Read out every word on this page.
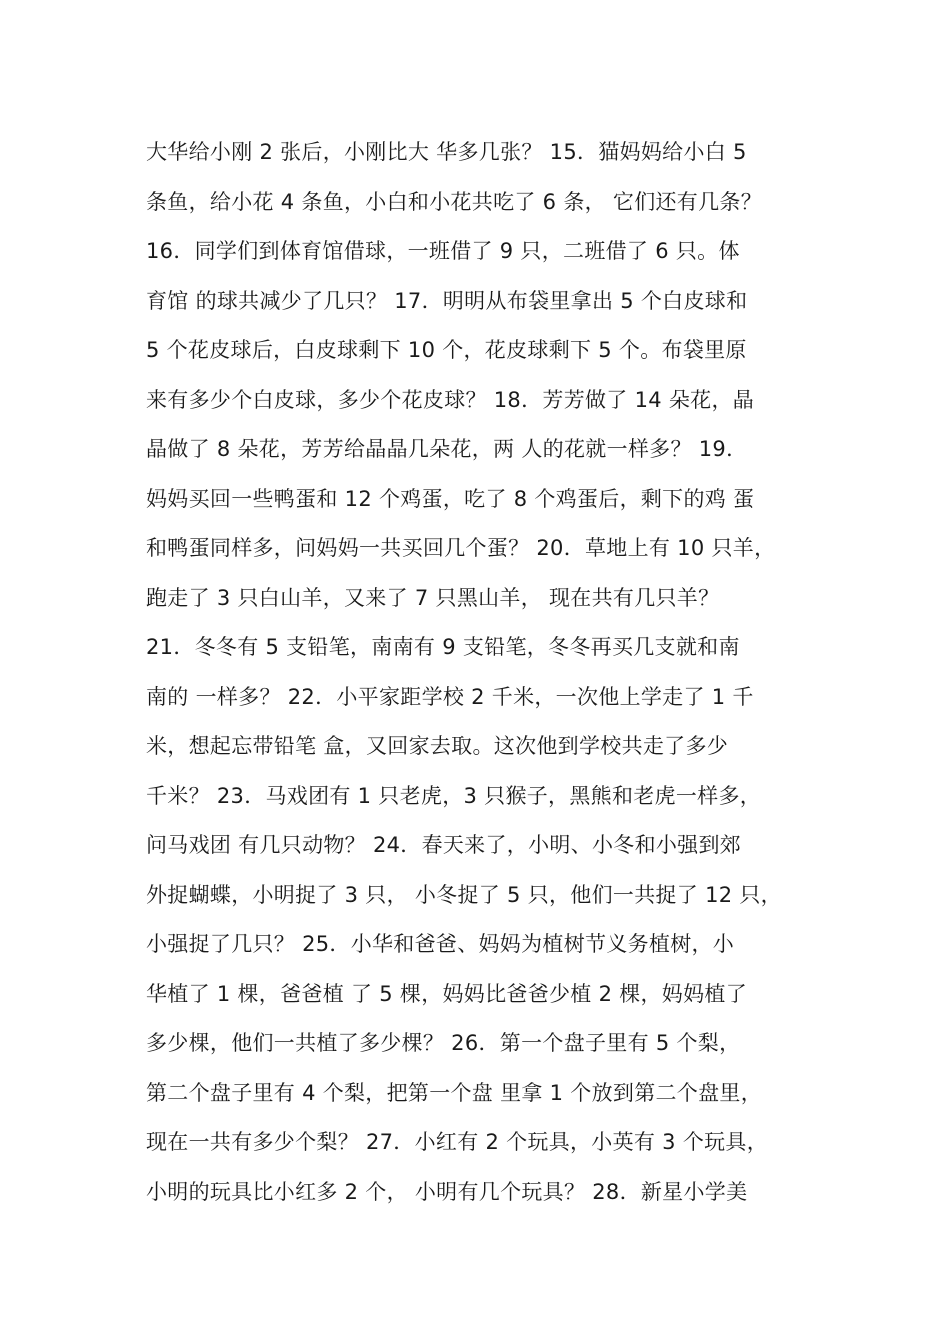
大华给小刚 2 张后，小刚比大 华多几张？ 15．猫妈妈给小白 5
条鱼，给小花 4 条鱼，小白和小花共吃了 6 条， 它们还有几条？
16．同学们到体育馆借球，一班借了 9 只，二班借了 6 只。体
育馆 的球共减少了几只？ 17．明明从布袋里拿出 5 个白皮球和
5 个花皮球后，白皮球剩下 10 个，花皮球剩下 5 个。布袋里原
来有多少个白皮球，多少个花皮球？ 18．芳芳做了 14 朵花，晶
晶做了 8 朵花，芳芳给晶晶几朵花，两 人的花就一样多？ 19．
妈妈买回一些鸭蛋和 12 个鸡蛋，吃了 8 个鸡蛋后，剩下的鸡 蛋
和鸭蛋同样多，问妈妈一共买回几个蛋？ 20．草地上有 10 只羊，
跑走了 3 只白山羊，又来了 7 只黑山羊， 现在共有几只羊？
21．冬冬有 5 支铅笔，南南有 9 支铅笔，冬冬再买几支就和南
南的 一样多？ 22．小平家距学校 2 千米，一次他上学走了 1 千
米，想起忘带铅笔 盒，又回家去取。这次他到学校共走了多少
千米？ 23．马戏团有 1 只老虎，3 只猴子，黑熊和老虎一样多，
问马戏团 有几只动物？ 24．春天来了，小明、小冬和小强到郊
外捉蝴蝶，小明捉了 3 只， 小冬捉了 5 只，他们一共捉了 12 只，
小强捉了几只？ 25．小华和爸爸、妈妈为植树节义务植树，小
华植了 1 棵，爸爸植 了 5 棵，妈妈比爸爸少植 2 棵，妈妈植了
多少棵，他们一共植了多少棵？ 26．第一个盘子里有 5 个梨，
第二个盘子里有 4 个梨，把第一个盘 里拿 1 个放到第二个盘里，
现在一共有多少个梨？ 27．小红有 2 个玩具，小英有 3 个玩具，
小明的玩具比小红多 2 个， 小明有几个玩具？ 28．新星小学美
